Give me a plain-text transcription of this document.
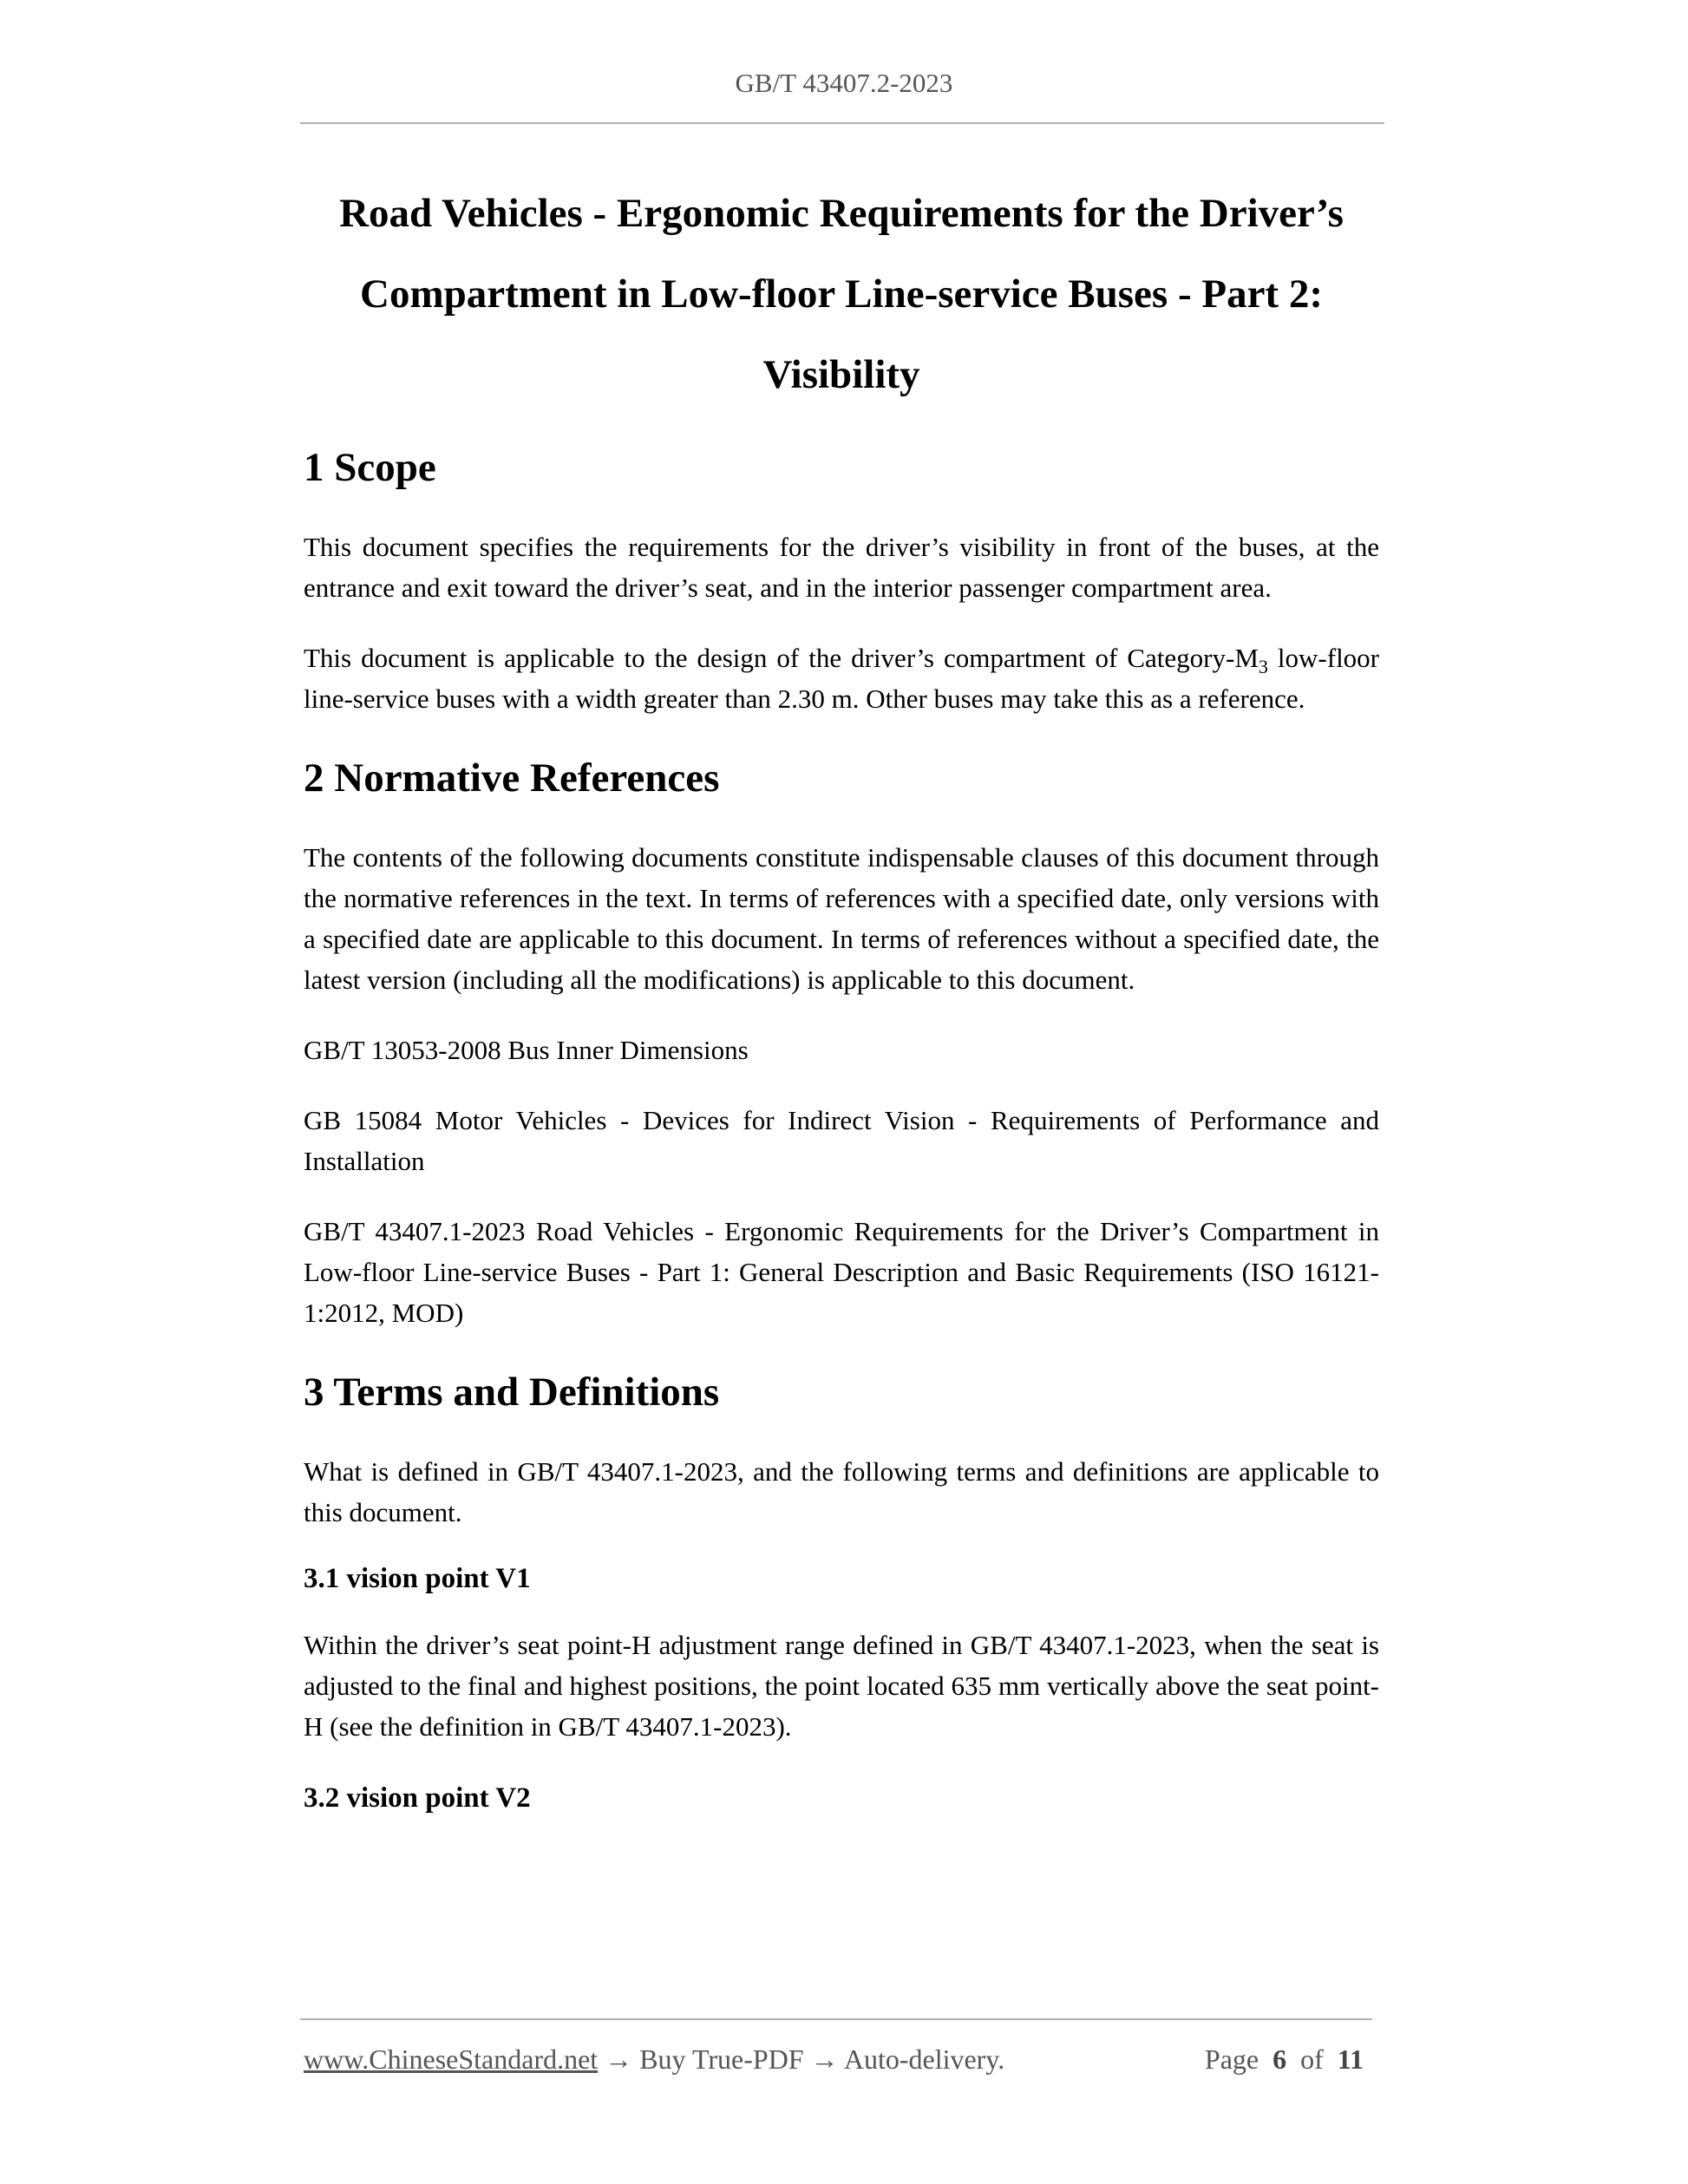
GB/T 43407.2-2023
Road Vehicles - Ergonomic Requirements for the Driver’s
Compartment in Low-floor Line-service Buses - Part 2:
Visibility
1 Scope

This document specifies the requirements for the driver’s visibility in front of the buses, at the entrance and exit toward the driver’s seat, and in the interior passenger compartment area.

This document is applicable to the design of the driver’s compartment of Category-$M_3$ low-floor line-service buses with a width greater than 2.30 m. Other buses may take this as a reference.

2 Normative References

The contents of the following documents constitute indispensable clauses of this document through the normative references in the text. In terms of references with a specified date, only versions with a specified date are applicable to this document. In terms of references without a specified date, the latest version (including all the modifications) is applicable to this document.

GB/T 13053-2008 Bus Inner Dimensions

GB 15084 Motor Vehicles - Devices for Indirect Vision - Requirements of Performance and Installation

GB/T 43407.1-2023 Road Vehicles - Ergonomic Requirements for the Driver’s Compartment in Low-floor Line-service Buses - Part 1: General Description and Basic Requirements (ISO 16121-1:2012, MOD)

3 Terms and Definitions

What is defined in GB/T 43407.1-2023, and the following terms and definitions are applicable to this document.

3.1 vision point V1

Within the driver’s seat point-H adjustment range defined in GB/T 43407.1-2023, when the seat is adjusted to the final and highest positions, the point located 635 mm vertically above the seat point-H (see the definition in GB/T 43407.1-2023).

3.2 vision point V2
www.ChineseStandard.net → Buy True-PDF → Auto-delivery.	Page 6 of 11
